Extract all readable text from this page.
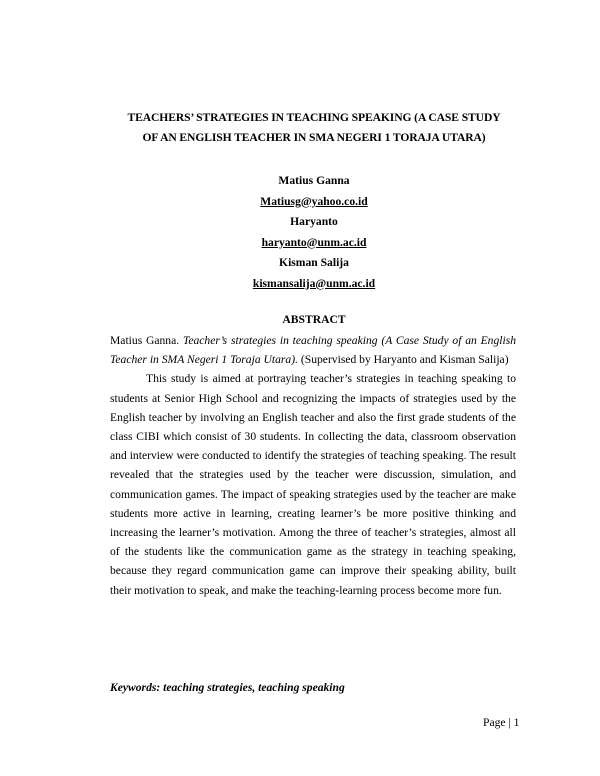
TEACHERS’ STRATEGIES IN TEACHING SPEAKING (A CASE STUDY
OF AN ENGLISH TEACHER IN SMA NEGERI 1 TORAJA UTARA)
Matius Ganna
Matiusg@yahoo.co.id
Haryanto
haryanto@unm.ac.id
Kisman Salija
kismansalija@unm.ac.id
ABSTRACT

Matius Ganna. Teacher’s strategies in teaching speaking (A Case Study of an English Teacher in SMA Negeri 1 Toraja Utara). (Supervised by Haryanto and Kisman Salija)

This study is aimed at portraying teacher’s strategies in teaching speaking to students at Senior High School and recognizing the impacts of strategies used by the English teacher by involving an English teacher and also the first grade students of the class CIBI which consist of 30 students. In collecting the data, classroom observation and interview were conducted to identify the strategies of teaching speaking. The result revealed that the strategies used by the teacher were discussion, simulation, and communication games. The impact of speaking strategies used by the teacher are make students more active in learning, creating learner’s be more positive thinking and increasing the learner’s motivation. Among the three of teacher’s strategies, almost all of the students like the communication game as the strategy in teaching speaking, because they regard communication game can improve their speaking ability, built their motivation to speak, and make the teaching-learning process become more fun.

Keywords: teaching strategies, teaching speaking
Page | 1
